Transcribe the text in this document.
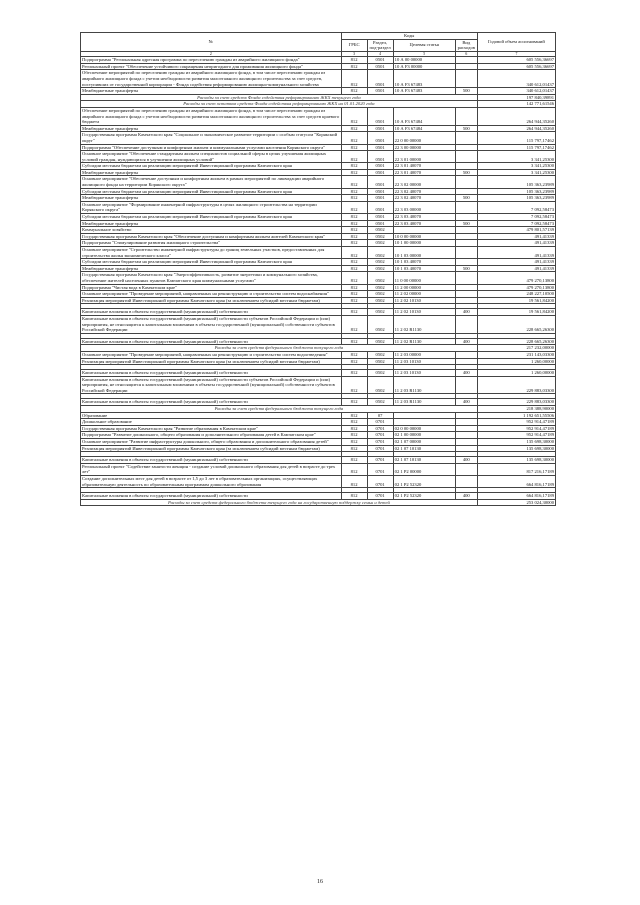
№	Коды				Годовой объем ассигнований
	ГРБС	Раздел, под-раздел	Целевая статья	Вид расходов	
2	3	4	5	6	7
Подпрограмма "Региональная адресная программа по переселению граждан из аварийного жилищного фонда"	812	0501	10 А 00 00000		605 556,36697
Региональный проект "Обеспечение устойчивого сокращения непригодного для проживания жилищного фонда"	812	0501	10 А F3 00000		605 556,36697
Обеспечение мероприятий по переселению граждан из аварийного жилищного фонда, в том числе переселению граждан из аварийного жилищного фонда с учетом необходимости развития малоэтажного жилищного строительства за счет средств, поступивших от государственной корпорации - Фонда содействия реформированию жилищно-коммунального хозяйства	812	0501	10 А F3 67483		340 612,01437
Межбюджетные трансферты	812	0501	10 А F3 67483	500	340 612,01437
Расходы за счет средств Фонда содействия реформированию ЖКХ текущего года					197 840,39891
Расходы за счет остатков средств Фонда содействия реформированию ЖКХ на 01.01.2020 года					142 771,61546
Обеспечение мероприятий по переселению граждан из аварийного жилищного фонда, в том числе переселению граждан из аварийного жилищного фонда с учетом необходимости развития малоэтажного жилищного строительства за счет средств краевого бюджета	812	0501	10 А F3 67484		264 944,35260
Межбюджетные трансферты	812	0501	10 А F3 67484	500	264 944,35260
Государственная программа Камчатского края "Социальное и экономическое развитие территории с особым статусом "Корякский округ"	812	0501	22 0 00 00000		115 797,17462
Подпрограмма "Обеспечение доступным и комфортным жильем и коммунальными услугами населения Корякского округа"	812	0501	22 3 00 00000		115 797,17462
Основное мероприятие "Обеспечение стандартным жильем специалистов социальной сферы в целях улучшения жилищных условий граждан, нуждающихся в улучшении жилищных условий"	812	0501	22 3 01 00000		3 341,25300
Субсидии местным бюджетам на реализацию мероприятий Инвестиционной программы Камчатского края	812	0501	22 3 01 40070		3 341,25300
Межбюджетные трансферты	812	0501	22 3 01 40070	500	3 341,25300
Основное мероприятие "Обеспечение доступным и комфортным жильем в рамках мероприятий по ликвидации аварийного жилищного фонда на территории Корякского округа"	812	0501	22 3 02 00000		105 363,23989
Субсидии местным бюджетам на реализацию мероприятий Инвестиционной программы Камчатского края	812	0501	22 3 02 40070		105 363,23989
Межбюджетные трансферты	812	0501	22 3 02 40070	500	105 363,23989
Основное мероприятие "Формирование инженерной инфраструктуры в целях жилищного строительства на территории Корякского округа"	812	0501	22 3 03 00000		7 092,58473
Субсидии местным бюджетам на реализацию мероприятий Инвестиционной программы Камчатского края	812	0501	22 3 03 40070		7 092,58473
Межбюджетные трансферты	812	0501	22 3 03 40070	500	7 092,58473
Коммунальное хозяйство	812	0502			479 801,57139
Государственная программа Камчатского края "Обеспечение доступным и комфортным жильем жителей Камчатского края"	812	0502	10 0 00 00000		491,41339
Подпрограмма "Стимулирование развития жилищного строительства"	812	0502	10 1 00 00000		491,41339
Основное мероприятие "Строительство инженерной инфраструктуры до границ земельных участков, предоставленных для строительства жилья экономического класса"	812	0502	10 1 03 00000		491,41339
Субсидии местным бюджетам на реализацию мероприятий Инвестиционной программы Камчатского края	812	0502	10 1 03 40070		491,41339
Межбюджетные трансферты	812	0502	10 1 03 40070	500	491,41339
Государственная программа Камчатского края "Энергоэффективность, развитие энергетики и коммунального хозяйства, обеспечение жителей населенных пунктов Камчатского края коммунальными услугами"	812	0502	11 0 00 00000		479 270,13800
Подпрограмма "Чистая вода в Камчатском крае"	812	0502	11 2 00 00000		479 270,13800
Основное мероприятие "Проведение мероприятий, направленных на реконструкцию и строительство систем водоснабжения"	812	0502	11 2 02 00000		248 227,10500
Реализация мероприятий Инвестиционной программы Камчатского края (за исключением субсидий местным бюджетам)	812	0502	11 2 02 10130		19 561,84200

Капитальные вложения в объекты государственной (муниципальной) собственности	812	0502	11 2 02 10130	400	19 561,84200
Капитальные вложения в объекты государственной (муниципальной) собственности субъектов Российской Федерации и (или) мероприятия, не относящиеся к капитальным вложениям в объекты государственной (муниципальной) собственности субъектов Российской Федерации	812	0502	11 2 02 R1130		228 665,26300

Капитальные вложения в объекты государственной (муниципальной) собственности	812	0502	11 2 02 R1130	400	228 665,26300
Расходы за счет средств федерального бюджета текущего года					217 232,00000
Основное мероприятие "Проведение мероприятий, направленных на реконструкцию и строительство систем водоотведения"	812	0502	11 2 03 00000		231 143,03300
Реализация мероприятий Инвестиционной программы Камчатского края (за исключением субсидий местным бюджетам)	812	0502	11 2 03 10130		1 260,00000

Капитальные вложения в объекты государственной (муниципальной) собственности	812	0502	11 2 03 10130	400	1 260,00000
Капитальные вложения в объекты государственной (муниципальной) собственности субъектов Российской Федерации и (или) мероприятия, не относящиеся к капитальным вложениям в объекты государственной (муниципальной) собственности субъектов Российской Федерации	812	0502	11 2 03 R1130		229 883,03300

Капитальные вложения в объекты государственной (муниципальной) собственности	812	0502	11 2 03 R1130	400	229 883,03300
Расходы за счет средств федерального бюджета текущего года					218 388,90000
Образование	812	07			1 192 651,55506
Дошкольное образование	812	0701			952 914,47189
Государственная программа Камчатского края "Развитие образования в Камчатском крае"	812	0701	02 0 00 00000		952 914,47189
Подпрограмма "Развитие дошкольного, общего образования и дополнительного образования детей в Камчатском крае"	812	0701	02 1 00 00000		952 914,47189
Основное мероприятие "Развитие инфраструктуры дошкольного, общего образования и дополнительного образования детей"	812	0701	02 1 07 00000		135 698,30000
Реализация мероприятий Инвестиционной программы Камчатского края (за исключением субсидий местным бюджетам)	812	0701	02 1 07 10130		135 698,30000

Капитальные вложения в объекты государственной (муниципальной) собственности	812	0701	02 1 07 10130	400	135 698,30000
Региональный проект "Содействие занятости женщин - создание условий дошкольного образования для детей в возрасте до трех лет"	812	0701	02 1 Р2 00000		817 216,17189
Создание дополнительных мест для детей в возрасте от 1,5 до 3 лет в образовательных организациях, осуществляющих образовательную деятельность по образовательным программам дошкольного образования	812	0701	02 1 Р2 52320		664 816,17189

Капитальные вложения в объекты государственной (муниципальной) собственности	812	0701	02 1 Р2 52320	400	664 816,17189
Расходы за счет средств федерального бюджета текущего года на государственную поддержку семьи и детей					253 024,30000
16
